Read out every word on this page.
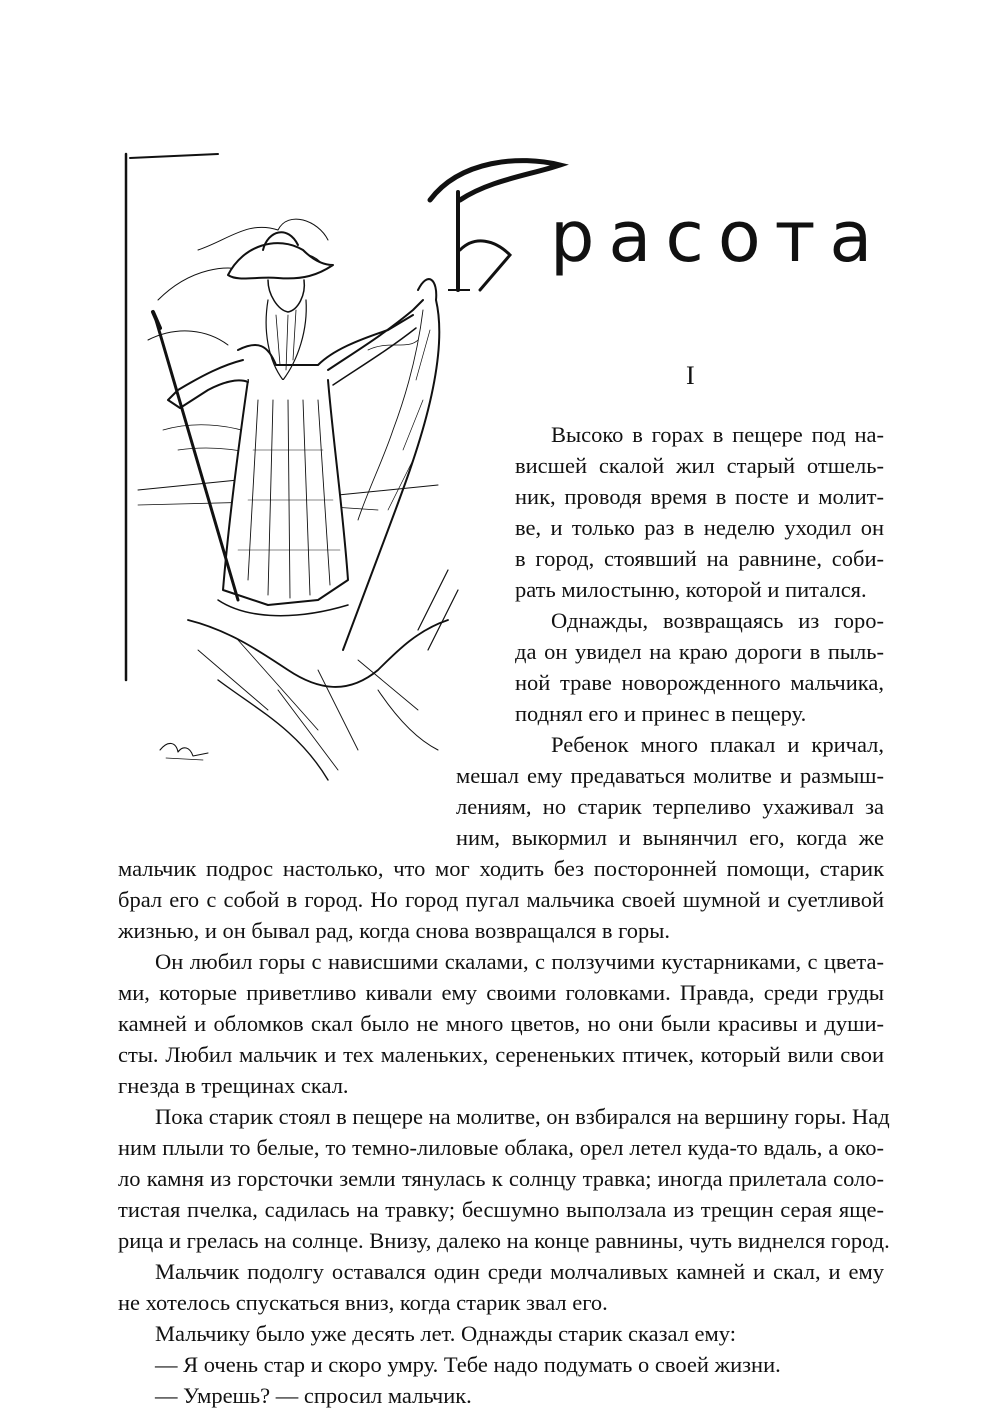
расота
I
Высоко в горах в пещере под на-
висшей скалой жил старый отшель-
ник, проводя время в посте и молит-
ве, и только раз в неделю уходил он
в город, стоявший на равнине, соби-
рать милостыню, которой и питался.
Однажды, возвращаясь из горо-
да он увидел на краю дороги в пыль-
ной траве новорожденного мальчика,
поднял его и принес в пещеру.
Ребенок много плакал и кричал,
мешал ему предаваться молитве и размыш-
лениям, но старик терпеливо ухаживал за
ним, выкормил и вынянчил его, когда же
мальчик подрос настолько, что мог ходить без посторонней помощи, старик
брал его с собой в город. Но город пугал мальчика своей шумной и суетливой
жизнью, и он бывал рад, когда снова возвращался в горы.
Он любил горы с нависшими скалами, с ползучими кустарниками, с цвета-
ми, которые приветливо кивали ему своими головками. Правда, среди груды
камней и обломков скал было не много цветов, но они были красивы и души-
сты. Любил мальчик и тех маленьких, серененьких птичек, который вили свои
гнезда в трещинах скал.
Пока старик стоял в пещере на молитве, он взбирался на вершину горы. Над
ним плыли то белые, то темно-лиловые облака, орел летел куда-то вдаль, а око-
ло камня из горсточки земли тянулась к солнцу травка; иногда прилетала соло-
тистая пчелка, садилась на травку; бесшумно выползала из трещин серая ящe-
рица и грелась на солнце. Внизу, далеко на конце равнины, чуть виднелся город.
Мальчик подолгу оставался один среди молчаливых камней и скал, и ему
не хотелось спускаться вниз, когда старик звал его.
Мальчику было уже десять лет. Однажды старик сказал ему:
— Я очень стар и скоро умру. Тебе надо подумать о своей жизни.
— Умрешь? — спросил мальчик.
